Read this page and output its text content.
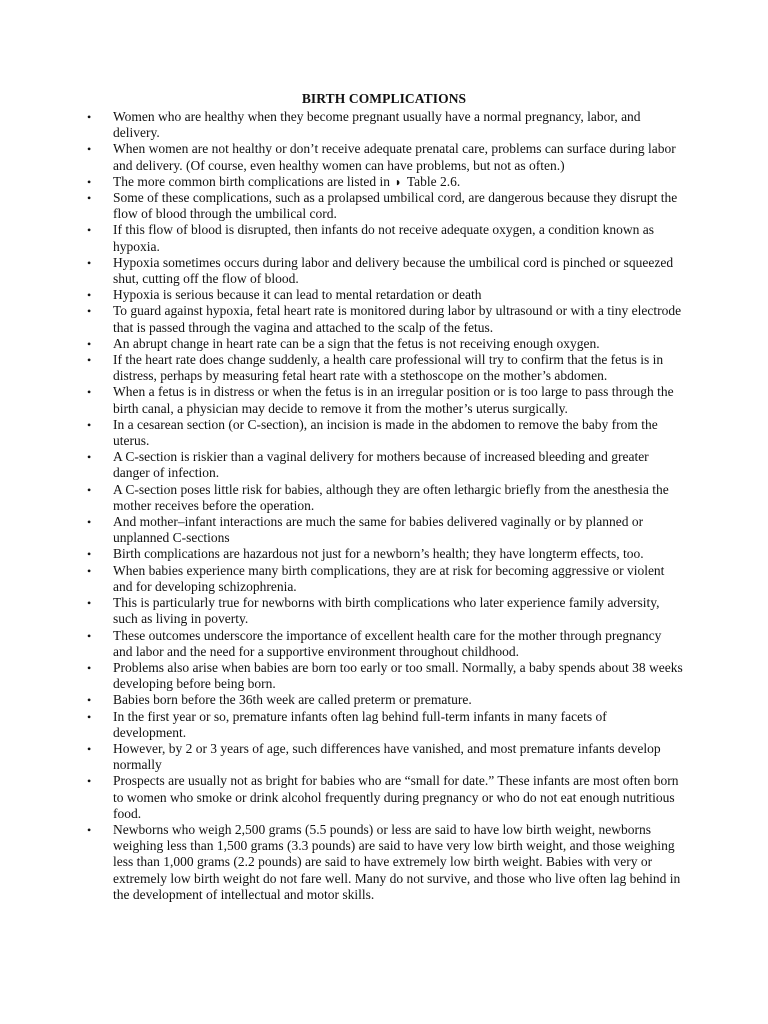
BIRTH COMPLICATIONS
•	Women who are healthy when they become pregnant usually have a normal pregnancy, labor, and delivery.
•	When women are not healthy or don’t receive adequate prenatal care, problems can surface during labor and delivery. (Of course, even healthy women can have problems, but not as often.)
•	The more common birth complications are listed in ◗ Table 2.6.
•	Some of these complications, such as a prolapsed umbilical cord, are dangerous because they disrupt the flow of blood through the umbilical cord.
•	If this flow of blood is disrupted, then infants do not receive adequate oxygen, a condition known as hypoxia.
•	Hypoxia sometimes occurs during labor and delivery because the umbilical cord is pinched or squeezed shut, cutting off the flow of blood.
•	Hypoxia is serious because it can lead to mental retardation or death
•	To guard against hypoxia, fetal heart rate is monitored during labor by ultrasound or with a tiny electrode that is passed through the vagina and attached to the scalp of the fetus.
•	An abrupt change in heart rate can be a sign that the fetus is not receiving enough oxygen.
•	If the heart rate does change suddenly, a health care professional will try to confirm that the fetus is in distress, perhaps by measuring fetal heart rate with a stethoscope on the mother’s abdomen.
•	When a fetus is in distress or when the fetus is in an irregular position or is too large to pass through the birth canal, a physician may decide to remove it from the mother’s uterus surgically.
•	In a cesarean section (or C-section), an incision is made in the abdomen to remove the baby from the uterus.
•	A C-section is riskier than a vaginal delivery for mothers because of increased bleeding and greater danger of infection.
•	A C-section poses little risk for babies, although they are often lethargic briefly from the anesthesia the mother receives before the operation.
•	And mother–infant interactions are much the same for babies delivered vaginally or by planned or unplanned C-sections
•	Birth complications are hazardous not just for a newborn’s health; they have longterm effects, too.
•	When babies experience many birth complications, they are at risk for becoming aggressive or violent and for developing schizophrenia.
•	This is particularly true for newborns with birth complications who later experience family adversity, such as living in poverty.
•	These outcomes underscore the importance of excellent health care for the mother through pregnancy and labor and the need for a supportive environment throughout childhood.
•	Problems also arise when babies are born too early or too small. Normally, a baby spends about 38 weeks developing before being born.
•	Babies born before the 36th week are called preterm or premature.
•	In the first year or so, premature infants often lag behind full-term infants in many facets of development.
•	However, by 2 or 3 years of age, such differences have vanished, and most premature infants develop normally
•	Prospects are usually not as bright for babies who are “small for date.” These infants are most often born to women who smoke or drink alcohol frequently during pregnancy or who do not eat enough nutritious food.
•	Newborns who weigh 2,500 grams (5.5 pounds) or less are said to have low birth weight, newborns weighing less than 1,500 grams (3.3 pounds) are said to have very low birth weight, and those weighing less than 1,000 grams (2.2 pounds) are said to have extremely low birth weight. Babies with very or extremely low birth weight do not fare well. Many do not survive, and those who live often lag behind in the development of intellectual and motor skills.
